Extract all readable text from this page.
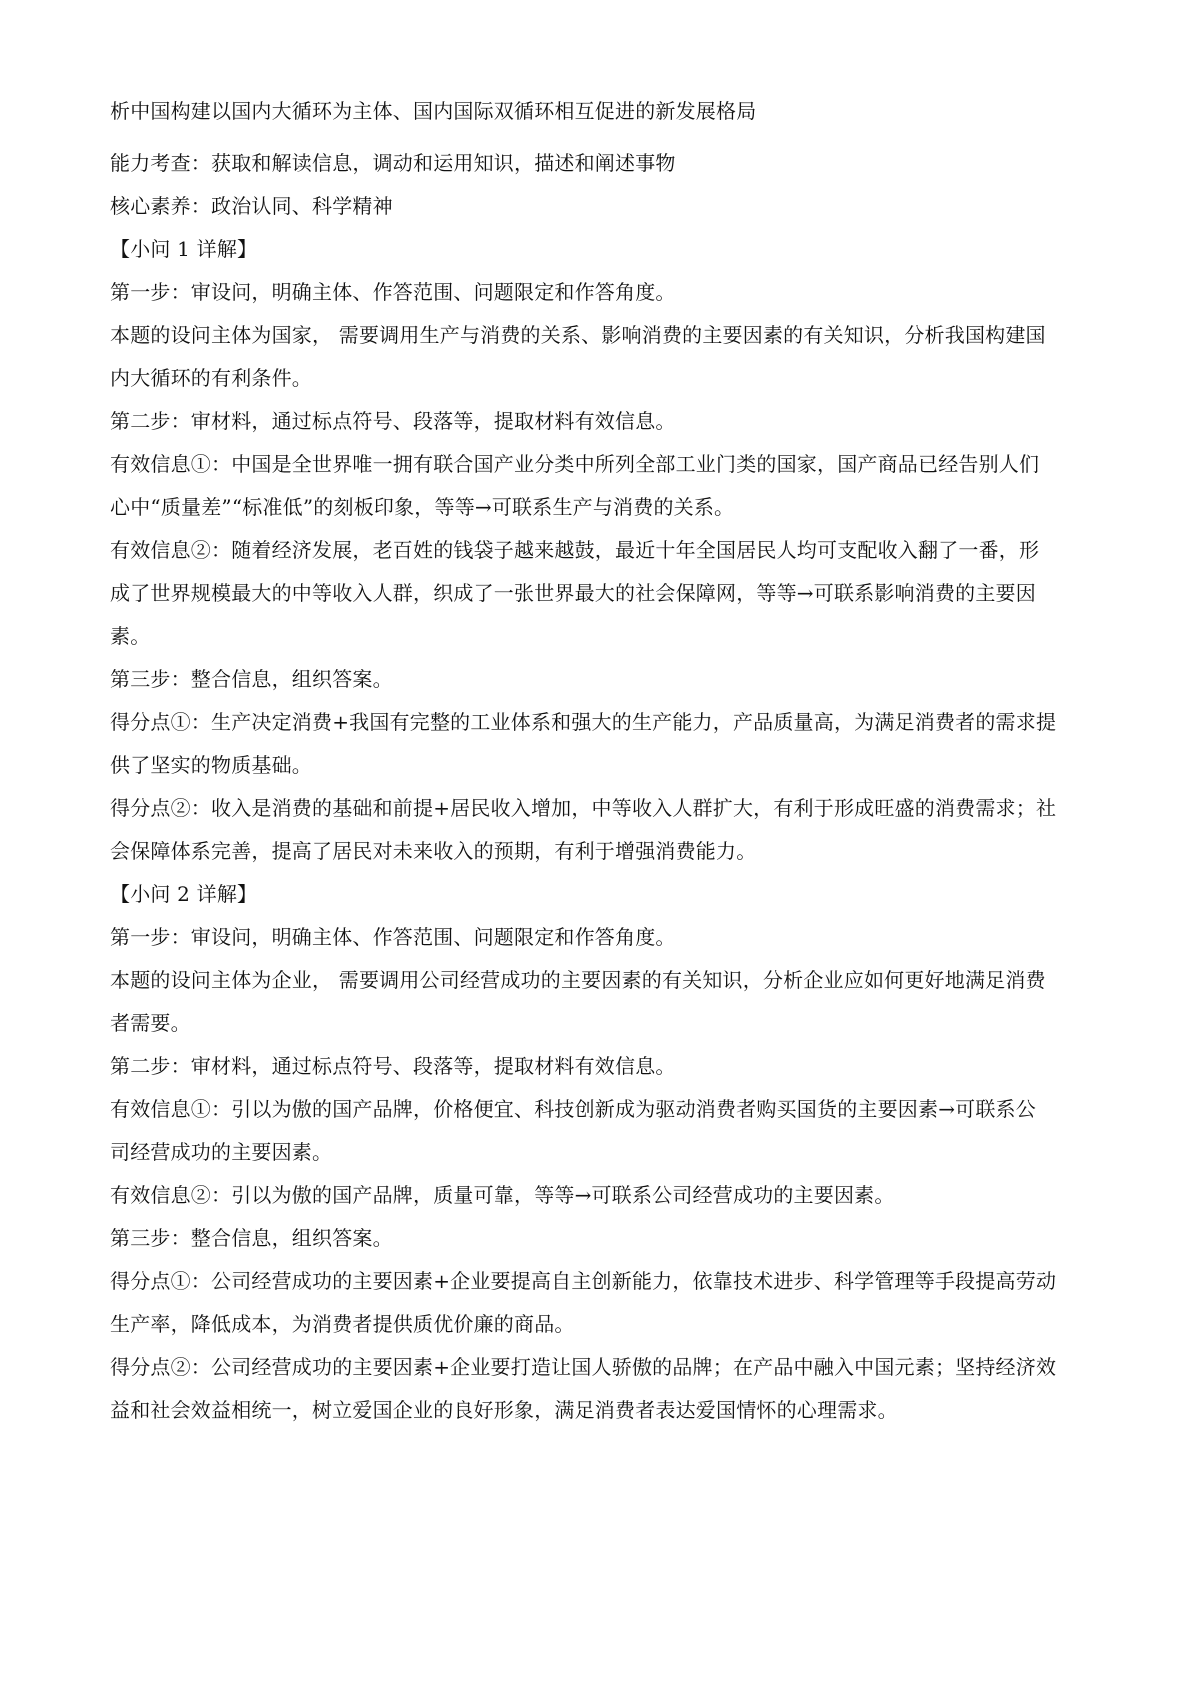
析中国构建以国内大循环为主体、国内国际双循环相互促进的新发展格局

能力考查：获取和解读信息，调动和运用知识，描述和阐述事物

核心素养：政治认同、科学精神

【小问 1 详解】

第一步：审设问，明确主体、作答范围、问题限定和作答角度。

本题的设问主体为国家， 需要调用生产与消费的关系、影响消费的主要因素的有关知识，分析我国构建国

内大循环的有利条件。

第二步：审材料，通过标点符号、段落等，提取材料有效信息。

有效信息①：中国是全世界唯一拥有联合国产业分类中所列全部工业门类的国家，国产商品已经告别人们

心中“质量差”“标准低”的刻板印象，等等→可联系生产与消费的关系。

有效信息②：随着经济发展，老百姓的钱袋子越来越鼓，最近十年全国居民人均可支配收入翻了一番，形

成了世界规模最大的中等收入人群，织成了一张世界最大的社会保障网，等等→可联系影响消费的主要因

素。

第三步：整合信息，组织答案。

得分点①：生产决定消费+我国有完整的工业体系和强大的生产能力，产品质量高，为满足消费者的需求提

供了坚实的物质基础。

得分点②：收入是消费的基础和前提+居民收入增加，中等收入人群扩大，有利于形成旺盛的消费需求；社

会保障体系完善，提高了居民对未来收入的预期，有利于增强消费能力。

【小问 2 详解】

第一步：审设问，明确主体、作答范围、问题限定和作答角度。

本题的设问主体为企业， 需要调用公司经营成功的主要因素的有关知识，分析企业应如何更好地满足消费

者需要。

第二步：审材料，通过标点符号、段落等，提取材料有效信息。

有效信息①：引以为傲的国产品牌，价格便宜、科技创新成为驱动消费者购买国货的主要因素→可联系公

司经营成功的主要因素。

有效信息②：引以为傲的国产品牌，质量可靠，等等→可联系公司经营成功的主要因素。

第三步：整合信息，组织答案。

得分点①：公司经营成功的主要因素+企业要提高自主创新能力，依靠技术进步、科学管理等手段提高劳动

生产率，降低成本，为消费者提供质优价廉的商品。

得分点②：公司经营成功的主要因素+企业要打造让国人骄傲的品牌；在产品中融入中国元素；坚持经济效

益和社会效益相统一，树立爱国企业的良好形象，满足消费者表达爱国情怀的心理需求。
